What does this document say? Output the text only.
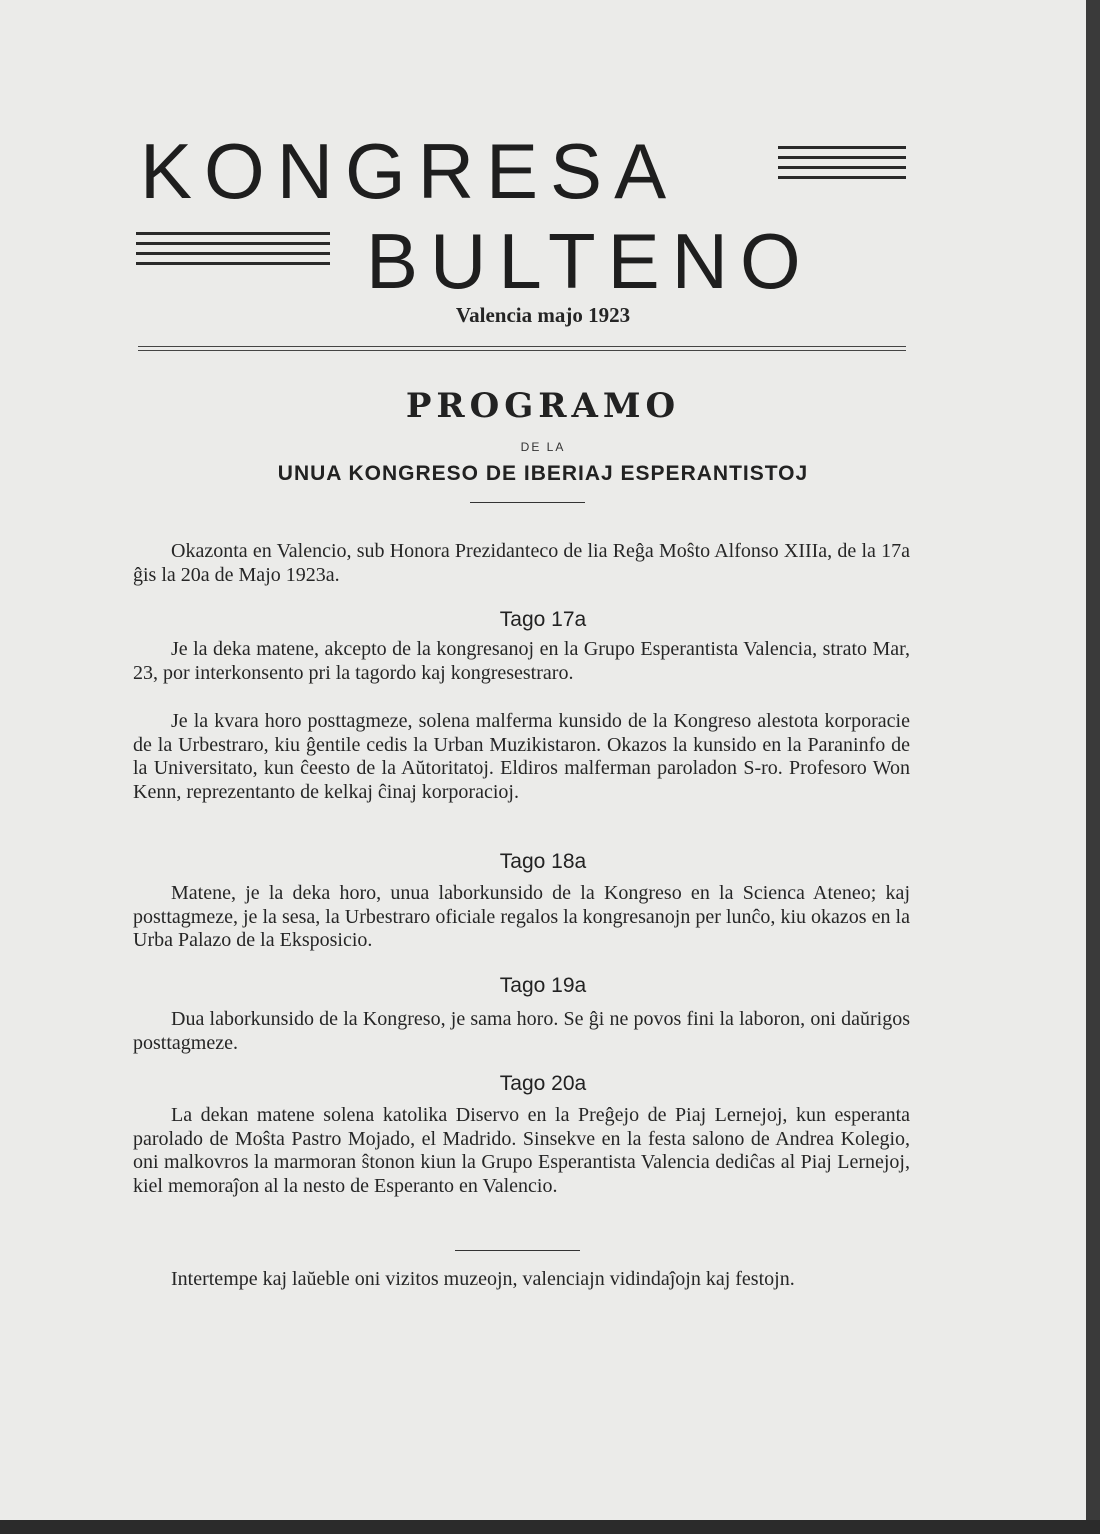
KONGRESA
BULTENO
Valencia majo 1923
PROGRAMO
DE LA
UNUA KONGRESO DE IBERIAJ ESPERANTISTOJ

Okazonta en Valencio, sub Honora Prezidanteco de lia Reĝa Moŝto Alfonso XIIIa, de la 17a ĝis la 20a de Majo 1923a.

Tago 17a

Je la deka matene, akcepto de la kongresanoj en la Grupo Esperantista Valencia, strato Mar, 23, por interkonsento pri la tagordo kaj kongresestraro.

Je la kvara horo posttagmeze, solena malferma kunsido de la Kongreso alestota korporacie de la Urbestraro, kiu ĝentile cedis la Urban Muzikistaron. Okazos la kunsido en la Paraninfo de la Universitato, kun ĉeesto de la Aŭtoritatoj. Eldiros malferman paroladon S-ro. Profesoro Won Kenn, reprezentanto de kelkaj ĉinaj korporacioj.

Tago 18a

Matene, je la deka horo, unua laborkunsido de la Kongreso en la Scienca Ateneo; kaj posttagmeze, je la sesa, la Urbestraro oficiale regalos la kongresanojn per lunĉo, kiu okazos en la Urba Palazo de la Eksposicio.

Tago 19a

Dua laborkunsido de la Kongreso, je sama horo. Se ĝi ne povos fini la laboron, oni daŭrigos posttagmeze.

Tago 20a

La dekan matene solena katolika Diservo en la Preĝejo de Piaj Lernejoj, kun esperanta parolado de Moŝta Pastro Mojado, el Madrido. Sinsekve en la festa salono de Andrea Kolegio, oni malkovros la marmoran ŝtonon kiun la Grupo Esperantista Valencia dediĉas al Piaj Lernejoj, kiel memoraĵon al la nesto de Esperanto en Valencio.

Intertempe kaj laŭeble oni vizitos muzeojn, valenciajn vidindaĵojn kaj festojn.
